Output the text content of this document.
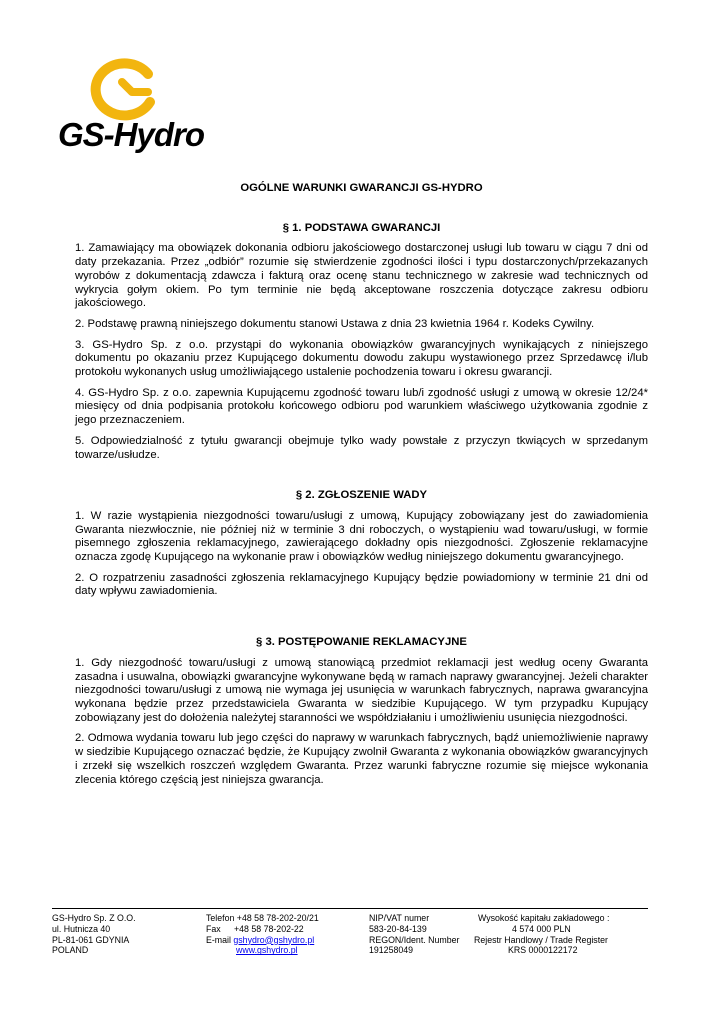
GS-Hydro
OGÓLNE WARUNKI GWARANCJI GS-HYDRO
§ 1. PODSTAWA GWARANCJI

1. Zamawiający ma obowiązek dokonania odbioru jakościowego dostarczonej usługi lub towaru w ciągu 7 dni od daty przekazania. Przez „odbiór” rozumie się stwierdzenie zgodności ilości i typu dostarczonych/przekazanych wyrobów z dokumentacją zdawcza i fakturą oraz ocenę stanu technicznego w zakresie wad technicznych od wykrycia gołym okiem. Po tym terminie nie będą akceptowane roszczenia dotyczące zakresu odbioru jakościowego.

2. Podstawę prawną niniejszego dokumentu stanowi Ustawa z dnia 23 kwietnia 1964 r. Kodeks Cywilny.

3. GS-Hydro Sp. z o.o. przystąpi do wykonania obowiązków gwarancyjnych wynikających z niniejszego dokumentu po okazaniu przez Kupującego dokumentu dowodu zakupu wystawionego przez Sprzedawcę i/lub protokołu wykonanych usług umożliwiającego ustalenie pochodzenia towaru i okresu gwarancji.

4. GS-Hydro Sp. z o.o. zapewnia Kupującemu zgodność towaru lub/i zgodność usługi z umową w okresie 12/24* miesięcy od dnia podpisania protokołu końcowego odbioru pod warunkiem właściwego użytkowania zgodnie z jego przeznaczeniem.

5. Odpowiedzialność z tytułu gwarancji obejmuje tylko wady powstałe z przyczyn tkwiących w sprzedanym towarze/usłudze.

§ 2. ZGŁOSZENIE WADY

1. W razie wystąpienia niezgodności towaru/usługi z umową, Kupujący zobowiązany jest do zawiadomienia Gwaranta niezwłocznie, nie później niż w terminie 3 dni roboczych, o wystąpieniu wad towaru/usługi, w formie pisemnego zgłoszenia reklamacyjnego, zawierającego dokładny opis niezgodności. Zgłoszenie reklamacyjne oznacza zgodę Kupującego na wykonanie praw i obowiązków według niniejszego dokumentu gwarancyjnego.

2. O rozpatrzeniu zasadności zgłoszenia reklamacyjnego Kupujący będzie powiadomiony w terminie 21 dni od daty wpływu zawiadomienia.

§ 3. POSTĘPOWANIE REKLAMACYJNE

1. Gdy niezgodność towaru/usługi z umową stanowiącą przedmiot reklamacji jest według oceny Gwaranta zasadna i usuwalna, obowiązki gwarancyjne wykonywane będą w ramach naprawy gwarancyjnej. Jeżeli charakter niezgodności towaru/usługi z umową nie wymaga jej usunięcia w warunkach fabrycznych, naprawa gwarancyjna wykonana będzie przez przedstawiciela Gwaranta w siedzibie Kupującego. W tym przypadku Kupujący zobowiązany jest do dołożenia należytej staranności we współdziałaniu i umożliwieniu usunięcia niezgodności.

2. Odmowa wydania towaru lub jego części do naprawy w warunkach fabrycznych, bądź uniemożliwienie naprawy w siedzibie Kupującego oznaczać będzie, że Kupujący zwolnił Gwaranta z wykonania obowiązków gwarancyjnych i zrzekł się wszelkich roszczeń względem Gwaranta. Przez warunki fabryczne rozumie się miejsce wykonania zlecenia którego częścią jest niniejsza gwarancja.

GS-Hydro Sp. Z O.O.
ul. Hutnicza 40
PL-81-061 GDYNIA
POLAND
Telefon +48 58 78-202-20/21
Fax +48 58 78-202-22
E-mail gshydro@gshydro.pl
www.gshydro.pl
NIP/VAT numer
583-20-84-139
REGON/Ident. Number
191258049
Wysokość kapitału zakładowego :
4 574 000 PLN
Rejestr Handlowy / Trade Register
KRS 0000122172
